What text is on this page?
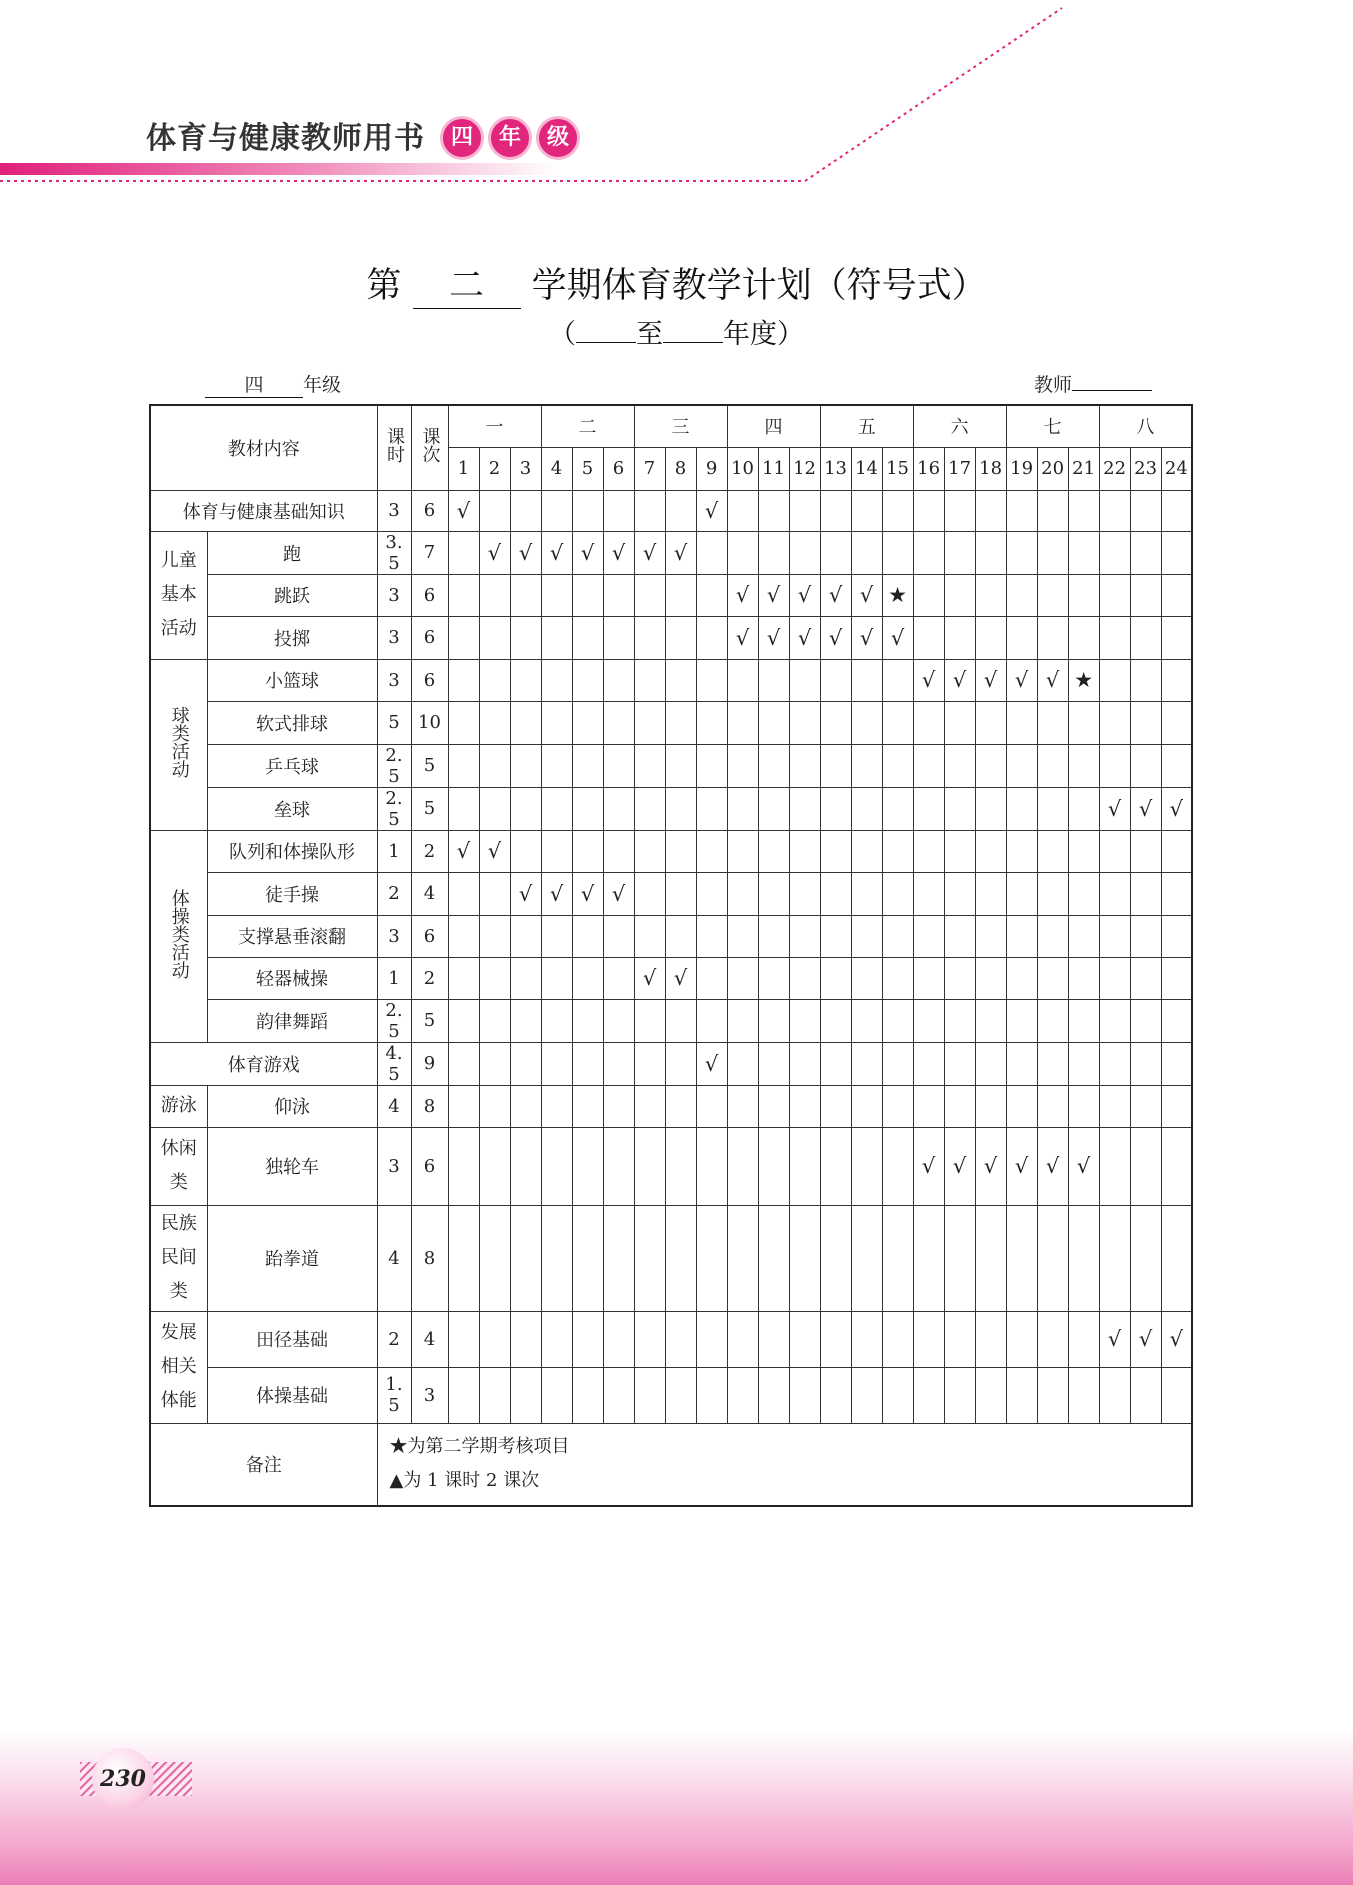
体育与健康教师用书	四	年	级
第 二 学期体育教学计划（符号式）
（ 至 年度）
四 年级	教师
教材内容		课时	课次	一			二			三			四			五			六			七			八		
				1	2	3	4	5	6	7	8	9	10	11	12	13	14	15	16	17	18	19	20	21	22	23	24
体育与健康基础知识		3	6	√								√															
儿童基本活动	跑	3. 5	7		√	√	√	√	√	√	√																
	跳跃	3	6										√	√	√	√	√	★									
	投掷	3	6										√	√	√	√	√	√									
球类活动	小篮球	3	6																√	√	√	√	√	★			
	软式排球	5	10																								
	乒乓球	2. 5	5																								
	垒球	2. 5	5																						√	√	√
体操类活动	队列和体操队形	1	2	√	√																						
	徒手操	2	4			√	√	√	√																		
	支撑悬垂滚翻	3	6																								
	轻器械操	1	2							√	√																
	韵律舞蹈	2. 5	5																								
体育游戏		4. 5	9									√															
游泳	仰泳	4	8																								
休闲类	独轮车	3	6																√	√	√	√	√	√			
民族民间类	跆拳道	4	8																								
发展相关体能	田径基础	2	4																						√	√	√
	体操基础	1. 5	3																								
备注		★为第二学期考核项目
▲为 1 课时 2 课次																									
230
